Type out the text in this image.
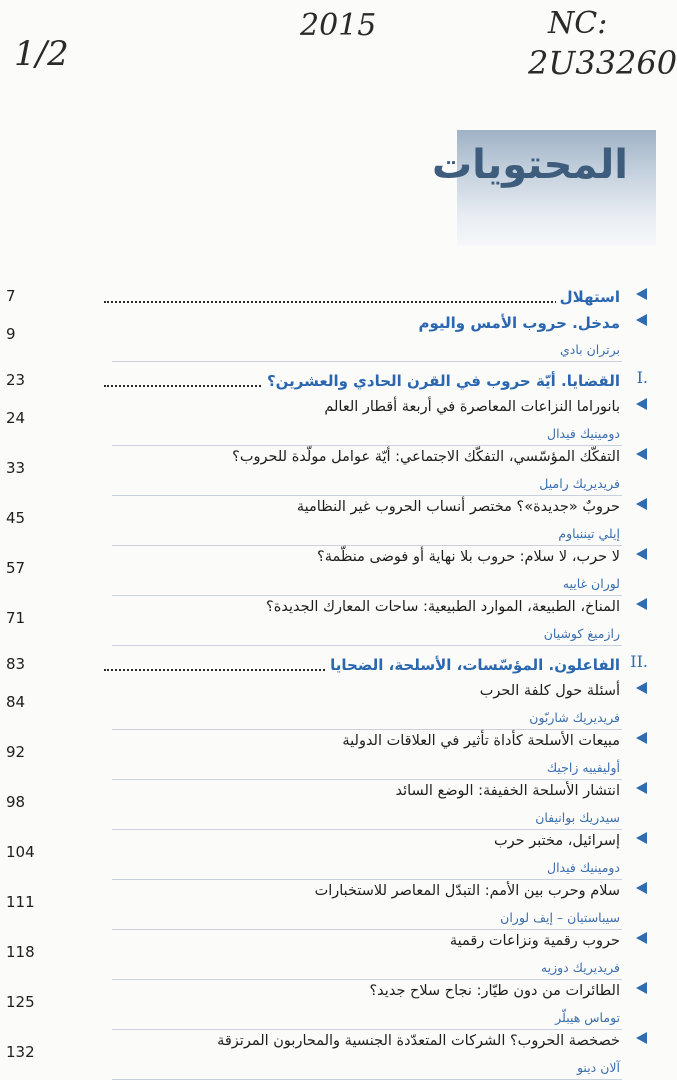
1/2
2015	NC:
2U33260
المحتويات
استهلال
7
مدخل. حروب الأمس واليوم
برتران بادي
9
I.
القضايا. أيّة حروب في القرن الحادي والعشرين؟
23
بانوراما النزاعات المعاصرة في أربعة أقطار العالم
دومينيك فيدال
24
التفكّك المؤسّسي، التفكّك الاجتماعي: أيّة عوامل مولّدة للحروب؟
فريديريك راميل
33
حروبٌ «جديدة»؟ مختصر أنساب الحروب غير النظامية
إيلي تيننباوم
45
لا حرب، لا سلام: حروب بلا نهاية أو فوضى منظّمة؟
لوران غاييه
57
المناخ، الطبيعة، الموارد الطبيعية: ساحات المعارك الجديدة؟
رازميغ كوشيان
71
II.
الفاعلون. المؤسّسات، الأسلحة، الضحايا
83
أسئلة حول كلفة الحرب
فريديريك شاربّون
84
مبيعات الأسلحة كأداة تأثير في العلاقات الدولية
أوليفييه زاجيك
92
انتشار الأسلحة الخفيفة: الوضع السائد
سيدريك بوانيفان
98
إسرائيل، مختبر حرب
دومينيك فيدال
104
سلام وحرب بين الأمم: التبدّل المعاصر للاستخبارات
سيباستيان – إيف لوران
111
حروب رقمية ونزاعات رقمية
فريديريك دوزيه
118
الطائرات من دون طيّار: نجاح سلاح جديد؟
توماس هيبلّر
125
خصخصة الحروب؟ الشركات المتعدّدة الجنسية والمحاربون المرتزقة
آلان دينو
132
